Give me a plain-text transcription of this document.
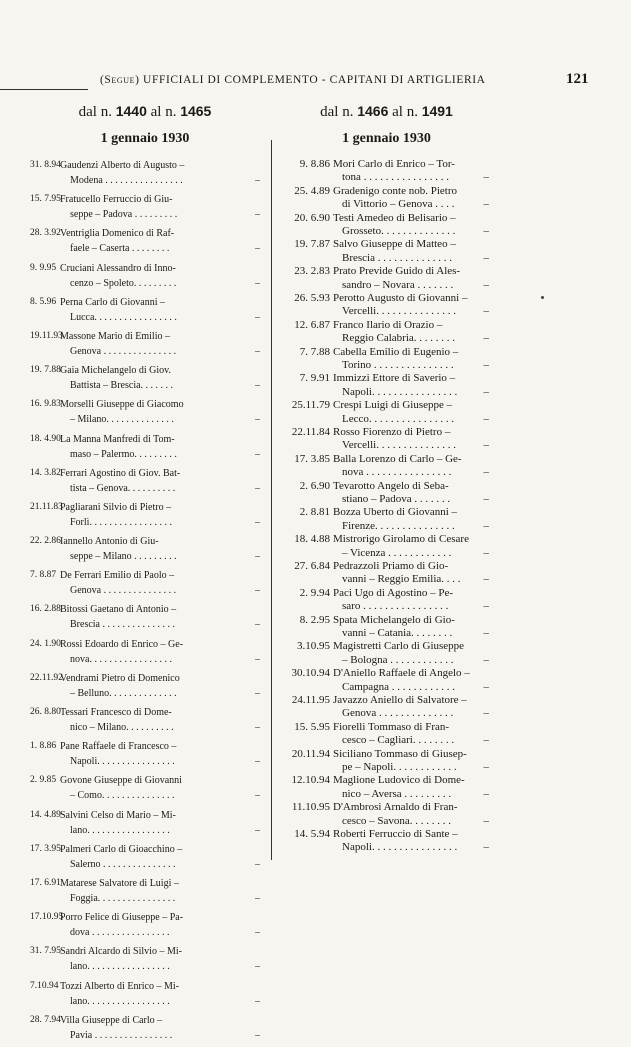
(Segue) UFFICIALI DI COMPLEMENTO - CAPITANI DI ARTIGLIERIA	121
dal n. 1440 al n. 1465
1 gennaio 1930
31. 8.94 Gaudenzi Alberto di Augusto –
Modena . . . . . . . . . . . . . . . .	–
15. 7.95 Fratucello Ferruccio di Giu-
seppe – Padova . . . . . . . . .	–
28. 3.92 Ventriglia Domenico di Raf-
faele – Caserta . . . . . . . .	–
9. 9.95 Cruciani Alessandro di Inno-
cenzo – Spoleto. . . . . . . . .	–
8. 5.96 Perna Carlo di Giovanni –
Lucca. . . . . . . . . . . . . . . . .	–
19.11.93
Massone Mario di Emilio –
Genova . . . . . . . . . . . . . . .	–
19. 7.88 Gaia Michelangelo di Giov.
Battista – Brescia. . . . . . .	–
16. 9.83 Morselli Giuseppe di Giacomo
– Milano. . . . . . . . . . . . . .	–
18. 4.90 La Manna Manfredi di Tom-
maso – Palermo. . . . . . . . .	–
14. 3.82 Ferrari Agostino di Giov. Bat-
tista – Genova. . . . . . . . . .	–
21.11.83
Pagliarani Silvio di Pietro –
Forlì. . . . . . . . . . . . . . . . .	–
22. 2.86 Iannello Antonio di Giu-
seppe – Milano . . . . . . . . .	–
7. 8.87 De Ferrari Emilio di Paolo –
Genova . . . . . . . . . . . . . . .	–
16. 2.88 Bitossi Gaetano di Antonio –
Brescia . . . . . . . . . . . . . . .	–
24. 1.90 Rossi Edoardo di Enrico – Ge-
nova. . . . . . . . . . . . . . . . .	–
22.11.92
Vendrami Pietro di Domenico
– Belluno. . . . . . . . . . . . . .	–
26. 8.80 Tessari Francesco di Dome-
nico – Milano. . . . . . . . . .	–
1. 8.86 Pane Raffaele di Francesco –
Napoli. . . . . . . . . . . . . . . .	–
2. 9.85 Govone Giuseppe di Giovanni
– Como. . . . . . . . . . . . . . .	–
14. 4.89 Salvini Celso di Mario – Mi-
lano. . . . . . . . . . . . . . . . .	–
17. 3.95 Palmeri Carlo di Gioacchino –
Salerno . . . . . . . . . . . . . . .	–
17. 6.91 Matarese Salvatore di Luigi –
Foggia. . . . . . . . . . . . . . . .	–
17.10.95
Porro Felice di Giuseppe – Pa-
dova . . . . . . . . . . . . . . . .	–
31. 7.95 Sandri Alcardo di Silvio – Mi-
lano. . . . . . . . . . . . . . . . .	–
7.10.94 Tozzi Alberto di Enrico – Mi-
lano. . . . . . . . . . . . . . . . .	–
28. 7.94 Villa Giuseppe di Carlo –
Pavia . . . . . . . . . . . . . . . .	–
dal n. 1466 al n. 1491
1 gennaio 1930
9. 8.86 Mori Carlo di Enrico – Tor-
tona . . . . . . . . . . . . . . . .	–
25. 4.89 Gradenigo conte nob. Pietro
di Vittorio – Genova . . . .	–
20. 6.90 Testi Amedeo di Belisario –
Grosseto. . . . . . . . . . . . . .	–
19. 7.87 Salvo Giuseppe di Matteo –
Brescia . . . . . . . . . . . . . .	–
23. 2.83 Prato Previde Guido di Ales-
sandro – Novara . . . . . . .	–
26. 5.93 Perotto Augusto di Giovanni –
Vercelli. . . . . . . . . . . . . . .	–
12. 6.87 Franco Ilario di Orazio –
Reggio Calabria. . . . . . . .	–
7. 7.88 Cabella Emilio di Eugenio –
Torino . . . . . . . . . . . . . . .	–
7. 9.91 Immizzi Ettore di Saverio –
Napoli. . . . . . . . . . . . . . . .	–
25.11.79 Crespi Luigi di Giuseppe –
Lecco. . . . . . . . . . . . . . . .	–
22.11.84 Rosso Fiorenzo di Pietro –
Vercelli. . . . . . . . . . . . . . .	–
17. 3.85 Balla Lorenzo di Carlo – Ge-
nova . . . . . . . . . . . . . . . .	–
2. 6.90 Tevarotto Angelo di Seba-
stiano – Padova . . . . . . .	–
2. 8.81 Bozza Uberto di Giovanni –
Firenze. . . . . . . . . . . . . . .	–
18. 4.88 Mistrorigo Girolamo di Cesare
– Vicenza . . . . . . . . . . . .	–
27. 6.84 Pedrazzoli Priamo di Gio-
vanni – Reggio Emilia. . . .	–
2. 9.94 Paci Ugo di Agostino – Pe-
saro . . . . . . . . . . . . . . . .	–
8. 2.95 Spata Michelangelo di Gio-
vanni – Catania. . . . . . . .	–
3.10.95 Magistretti Carlo di Giuseppe
– Bologna . . . . . . . . . . . .	–
30.10.94 D'Aniello Raffaele di Angelo –
Campagna . . . . . . . . . . . .	–
24.11.95 Javazzo Aniello di Salvatore –
Genova . . . . . . . . . . . . . .	–
15. 5.95 Fiorelli Tommaso di Fran-
cesco – Cagliari. . . . . . . .	–
20.11.94 Siciliano Tommaso di Giusep-
pe – Napoli. . . . . . . . . . . .	–
12.10.94 Maglione Ludovico di Dome-
nico – Aversa . . . . . . . . .	–
11.10.95 D'Ambrosi Arnaldo di Fran-
cesco – Savona. . . . . . . .	–
14. 5.94 Roberti Ferruccio di Sante –
Napoli. . . . . . . . . . . . . . . .	–
